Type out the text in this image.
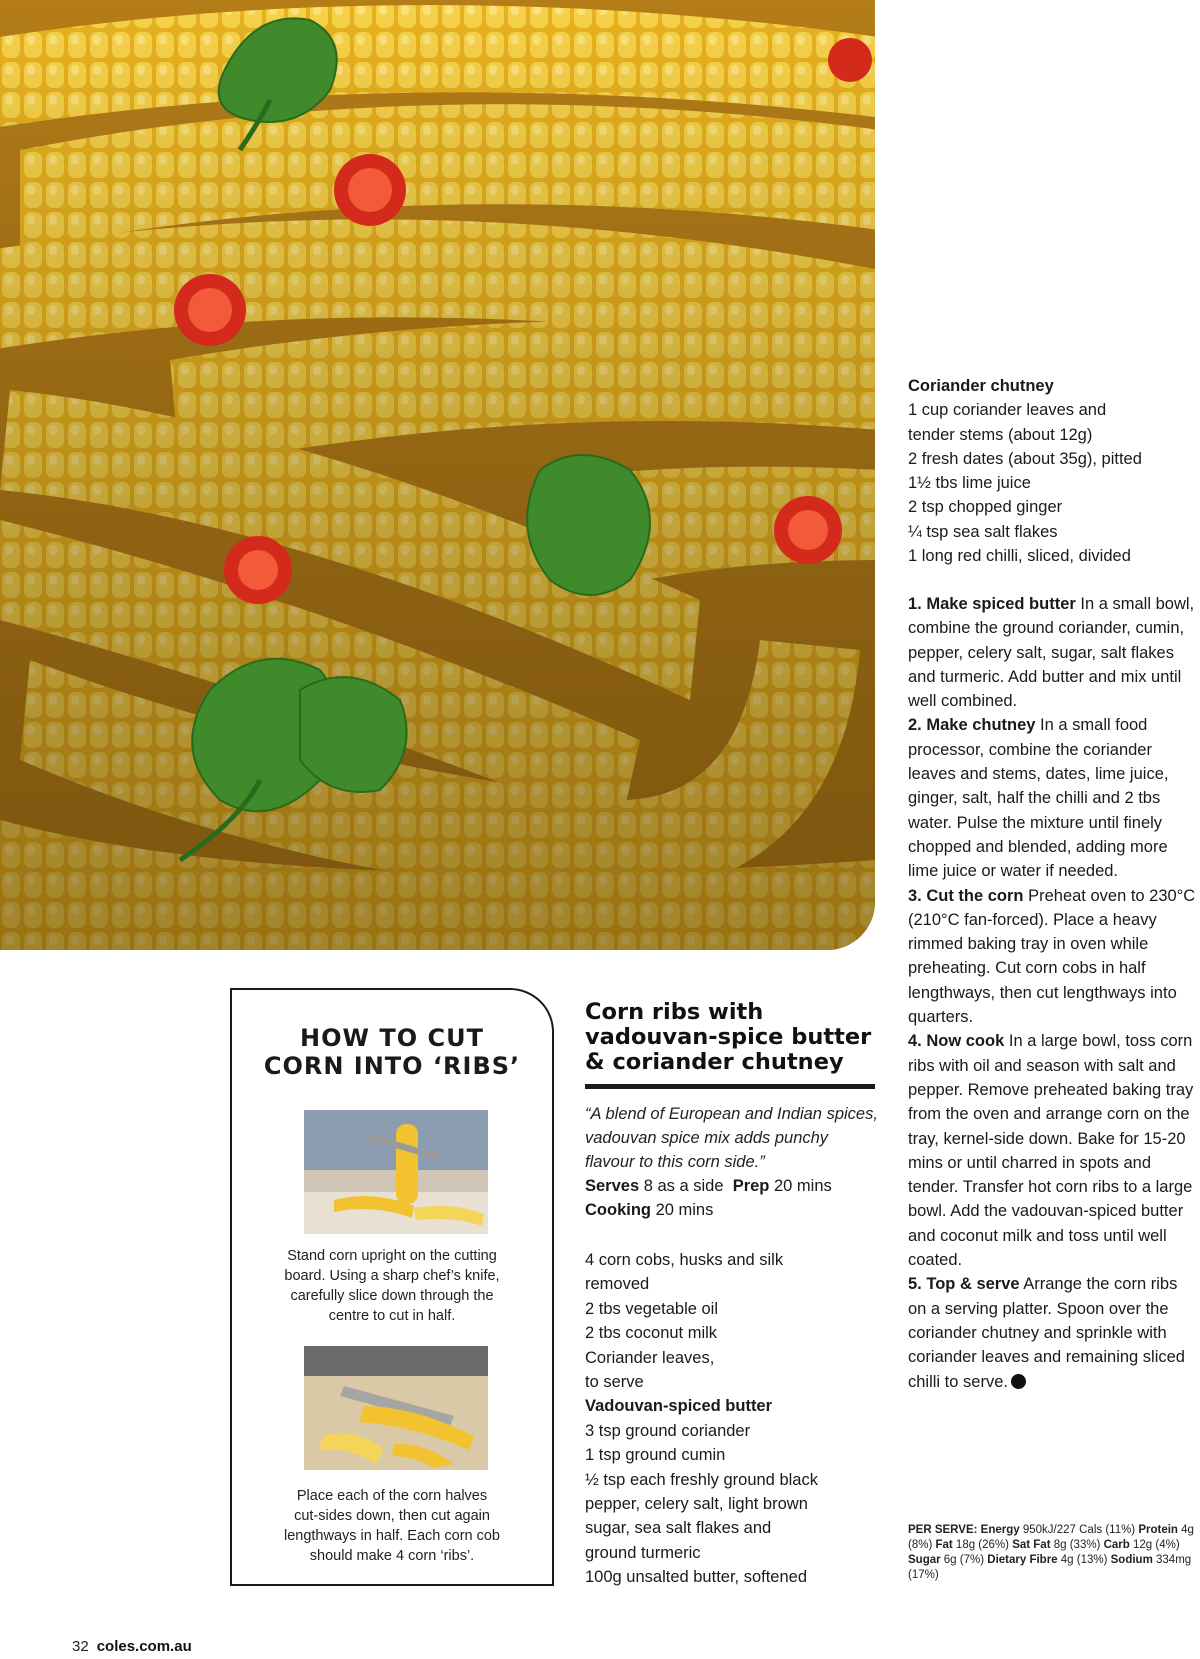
HOW TO CUT
CORN INTO ‘RIBS’
Stand corn upright on the cutting
board. Using a sharp chef’s knife,
carefully slice down through the
centre to cut in half.
Place each of the corn halves
cut-sides down, then cut again
lengthways in half. Each corn cob
should make 4 corn ‘ribs’.
Corn ribs with
vadouvan-spice butter
& coriander chutney
“A blend of European and Indian spices, vadouvan spice mix adds punchy flavour to this corn side.”
Serves 8 as a side  Prep 20 mins
Cooking 20 mins
4 corn cobs, husks and silk
removed
2 tbs vegetable oil
2 tbs coconut milk
Coriander leaves,
to serve
Vadouvan-spiced butter
3 tsp ground coriander
1 tsp ground cumin
½ tsp each freshly ground black
pepper, celery salt, light brown
sugar, sea salt flakes and
ground turmeric
100g unsalted butter, softened
Coriander chutney
1 cup coriander leaves and
tender stems (about 12g)
2 fresh dates (about 35g), pitted
1½ tbs lime juice
2 tsp chopped ginger
¼ tsp sea salt flakes
1 long red chilli, sliced, divided

1. Make spiced butter In a small bowl, combine the ground coriander, cumin, pepper, celery salt, sugar, salt flakes and turmeric. Add butter and mix until well combined.

2. Make chutney In a small food processor, combine the coriander leaves and stems, dates, lime juice, ginger, salt, half the chilli and 2 tbs water. Pulse the mixture until finely chopped and blended, adding more lime juice or water if needed.

3. Cut the corn Preheat oven to 230°C (210°C fan-forced). Place a heavy rimmed baking tray in oven while preheating. Cut corn cobs in half lengthways, then cut lengthways into quarters.

4. Now cook In a large bowl, toss corn ribs with oil and season with salt and pepper. Remove preheated baking tray from the oven and arrange corn on the tray, kernel-side down. Bake for 15-20 mins or until charred in spots and tender. Transfer hot corn ribs to a large bowl. Add the vadouvan-spiced butter and coconut milk and toss until well coated.

5. Top & serve Arrange the corn ribs on a serving platter. Spoon over the coriander chutney and sprinkle with coriander leaves and remaining sliced chilli to serve.

PER SERVE: Energy 950kJ/227 Cals (11%) Protein 4g (8%) Fat 18g (26%) Sat Fat 8g (33%) Carb 12g (4%) Sugar 6g (7%) Dietary Fibre 4g (13%) Sodium 334mg (17%)
32 coles.com.au
